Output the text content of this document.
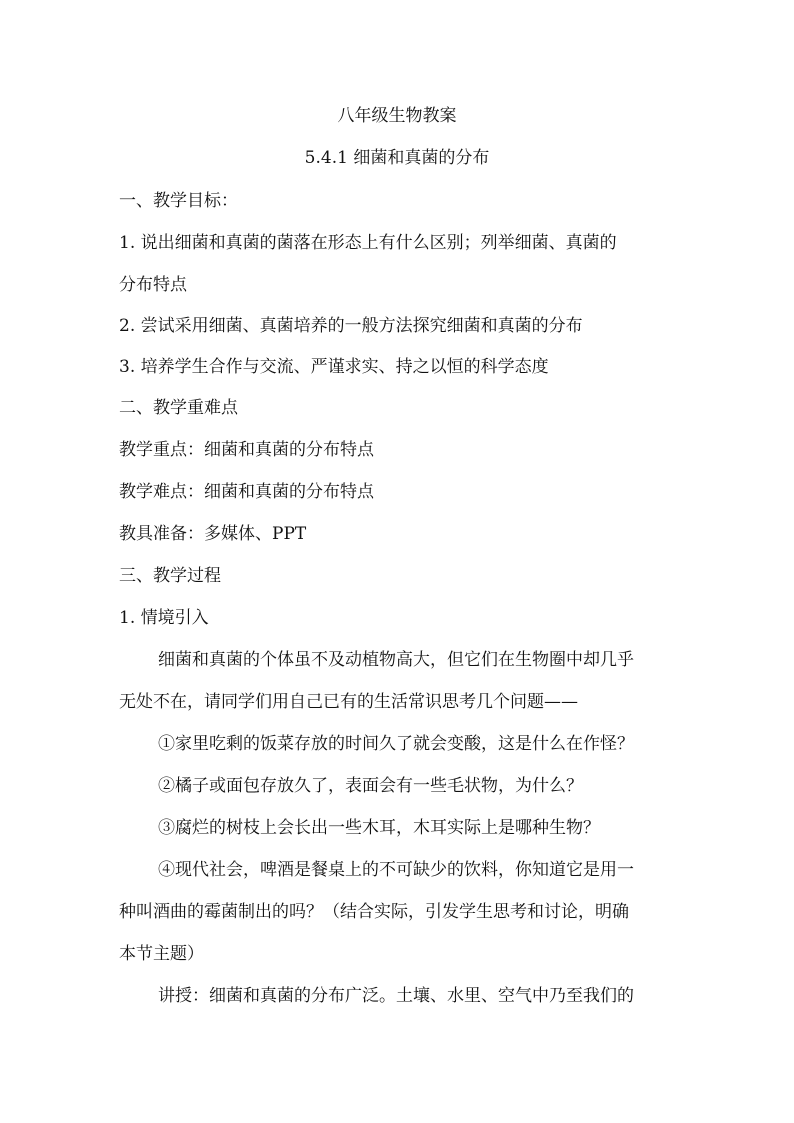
八年级生物教案
5.4.1 细菌和真菌的分布
一、教学目标：
1. 说出细菌和真菌的菌落在形态上有什么区别；列举细菌、真菌的
分布特点
2. 尝试采用细菌、真菌培养的一般方法探究细菌和真菌的分布
3. 培养学生合作与交流、严谨求实、持之以恒的科学态度
二、教学重难点
教学重点：细菌和真菌的分布特点
教学难点：细菌和真菌的分布特点
教具准备：多媒体、PPT
三、教学过程
1. 情境引入
细菌和真菌的个体虽不及动植物高大，但它们在生物圈中却几乎
无处不在，请同学们用自己已有的生活常识思考几个问题——
①家里吃剩的饭菜存放的时间久了就会变酸，这是什么在作怪？
②橘子或面包存放久了，表面会有一些毛状物，为什么？
③腐烂的树枝上会长出一些木耳，木耳实际上是哪种生物？
④现代社会，啤酒是餐桌上的不可缺少的饮料，你知道它是用一
种叫酒曲的霉菌制出的吗？（结合实际，引发学生思考和讨论，明确
本节主题）
讲授：细菌和真菌的分布广泛。土壤、水里、空气中乃至我们的
